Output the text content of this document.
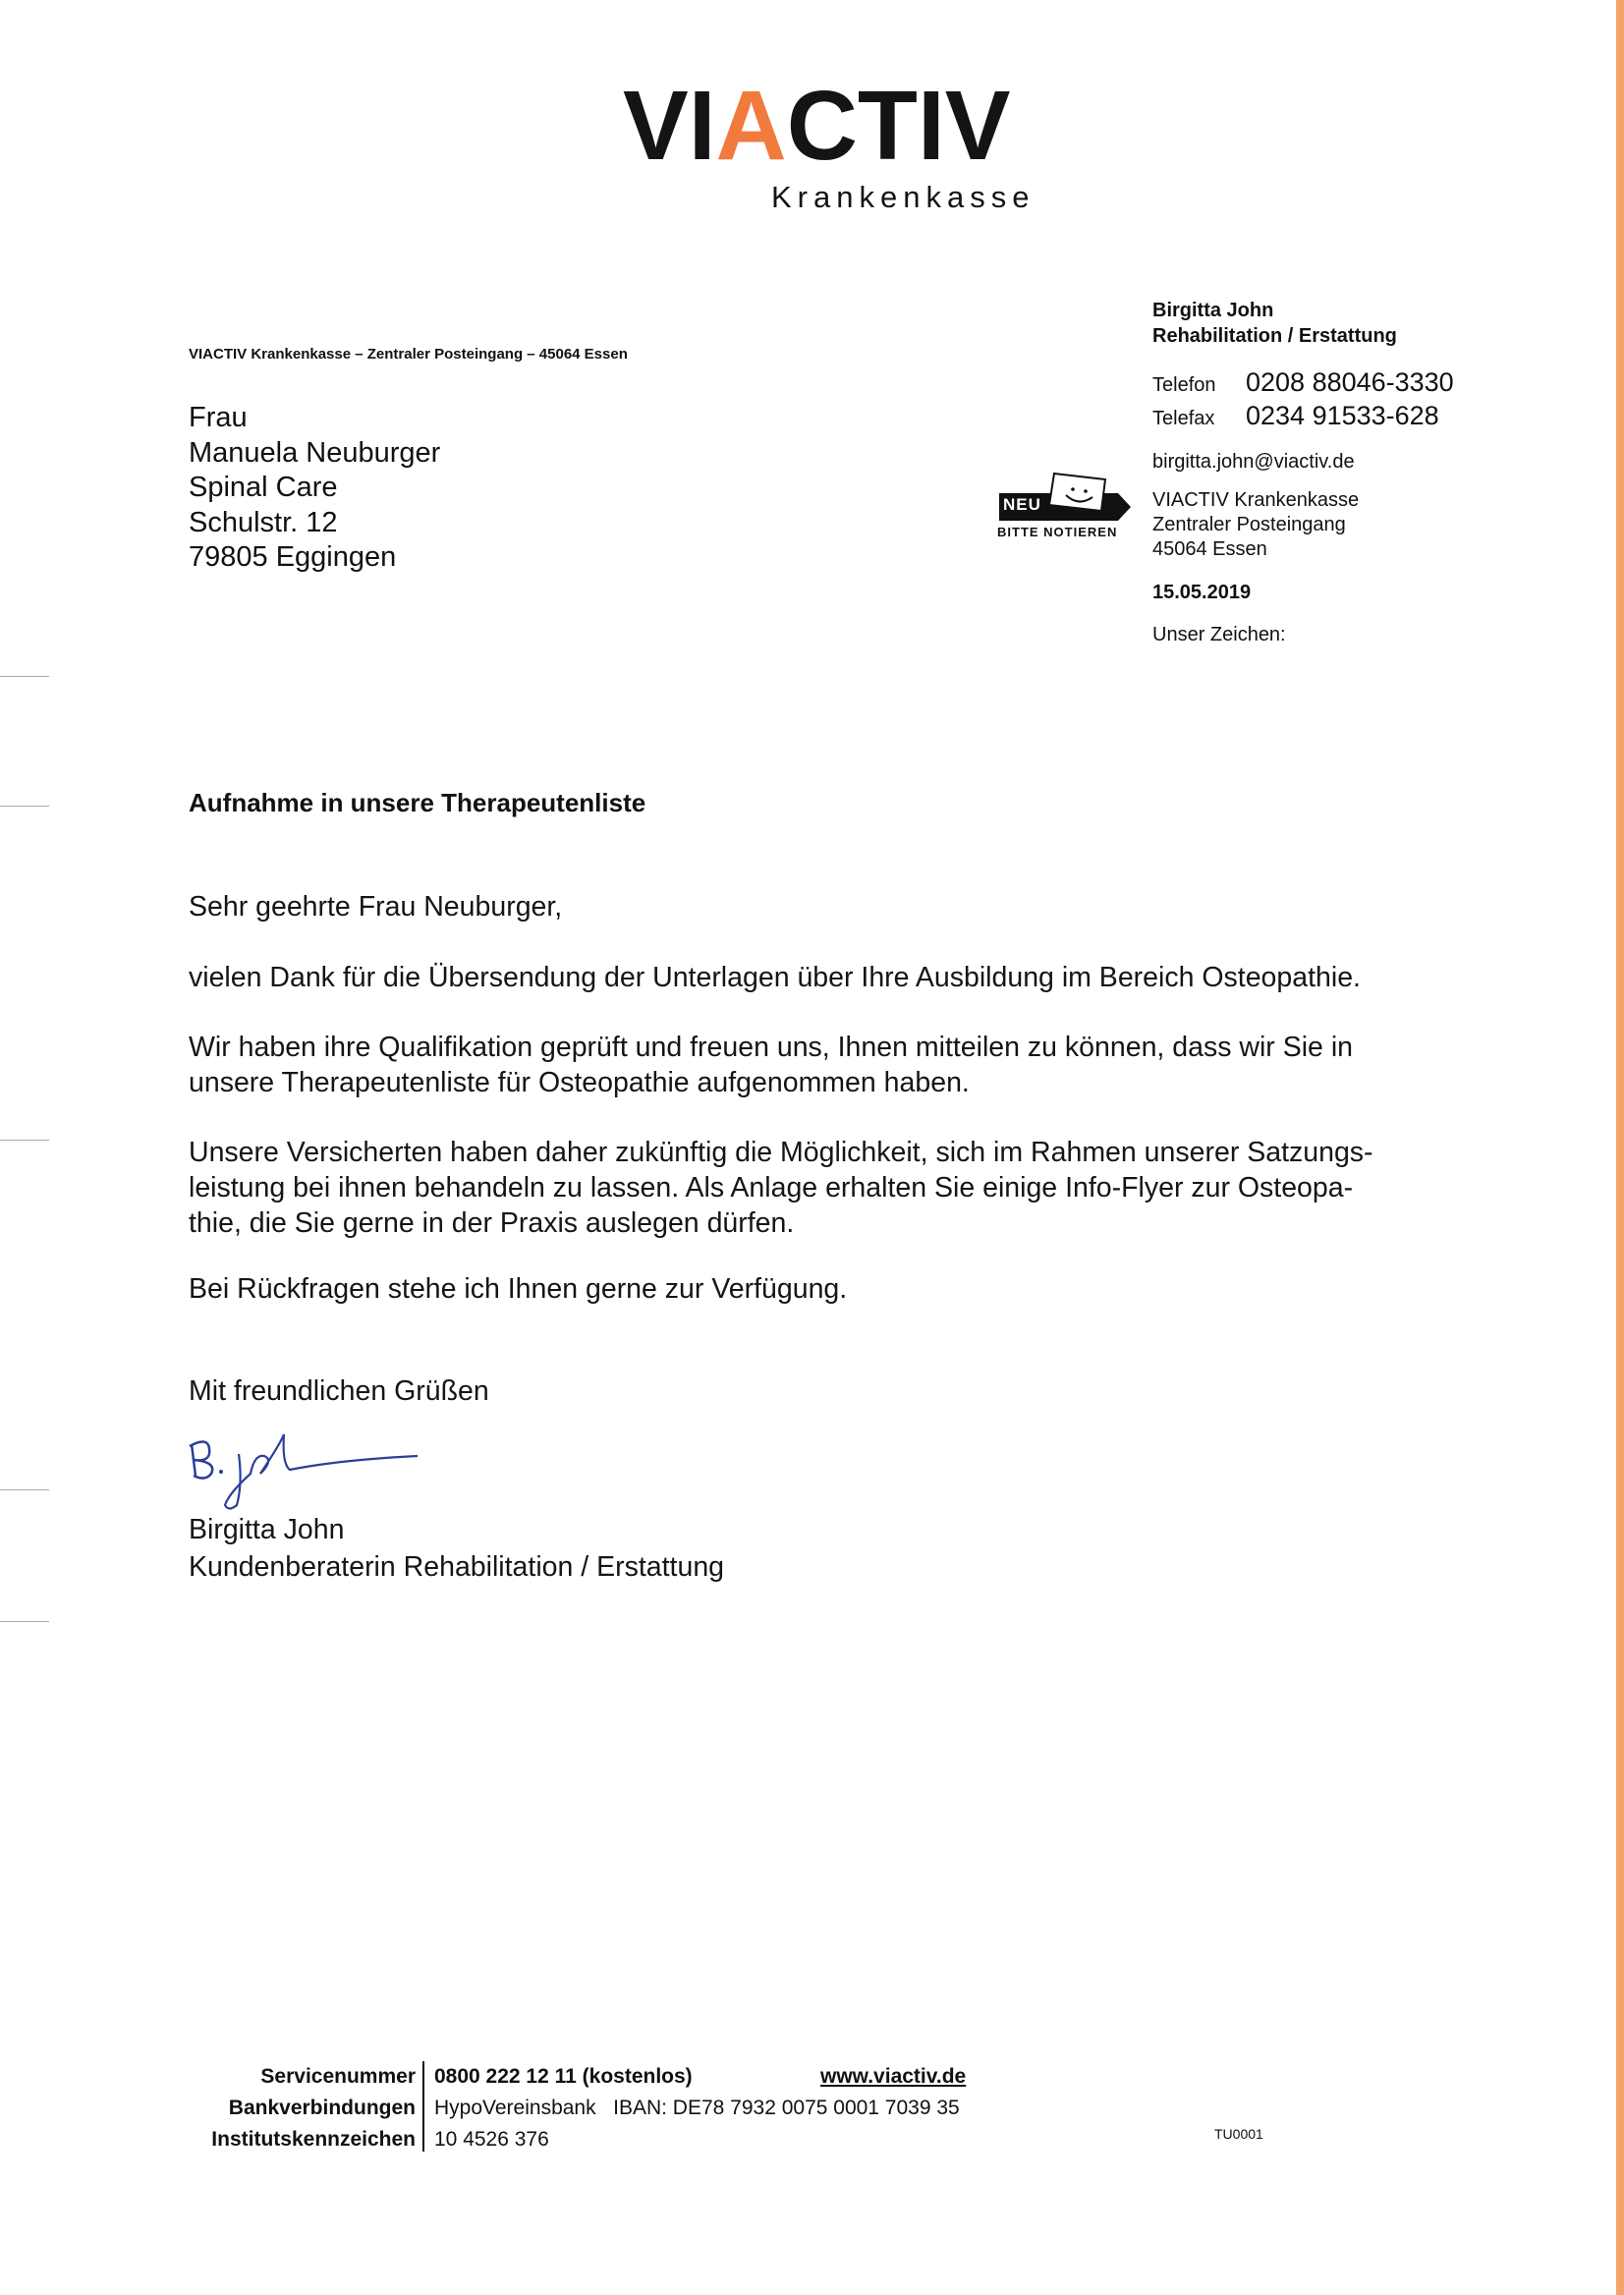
VIACTIV
Krankenkasse
VIACTIV Krankenkasse – Zentraler Posteingang – 45064 Essen
Frau
Manuela Neuburger
Spinal Care
Schulstr. 12
79805 Eggingen
Birgitta John
Rehabilitation / Erstattung
Telefon 0208 88046-3330
Telefax 0234 91533-628
birgitta.john@viactiv.de
VIACTIV Krankenkasse
Zentraler Posteingang
45064 Essen
15.05.2019
Unser Zeichen:
NEU
BITTE NOTIEREN
Aufnahme in unsere Therapeutenliste
Sehr geehrte Frau Neuburger,
vielen Dank für die Übersendung der Unterlagen über Ihre Ausbildung im Bereich Osteopathie.
Wir haben ihre Qualifikation geprüft und freuen uns, Ihnen mitteilen zu können, dass wir Sie in
unsere Therapeutenliste für Osteopathie aufgenommen haben.
Unsere Versicherten haben daher zukünftig die Möglichkeit, sich im Rahmen unserer Satzungs-
leistung bei ihnen behandeln zu lassen. Als Anlage erhalten Sie einige Info-Flyer zur Osteopa-
thie, die Sie gerne in der Praxis auslegen dürfen.
Bei Rückfragen stehe ich Ihnen gerne zur Verfügung.
Mit freundlichen Grüßen
Birgitta John
Kundenberaterin Rehabilitation / Erstattung
Servicenummer 0800 222 12 11 (kostenlos)	www.viactiv.de
Bankverbindungen HypoVereinsbank   IBAN: DE78 7932 0075 0001 7039 35
Institutskennzeichen 10 4526 376	TU0001
